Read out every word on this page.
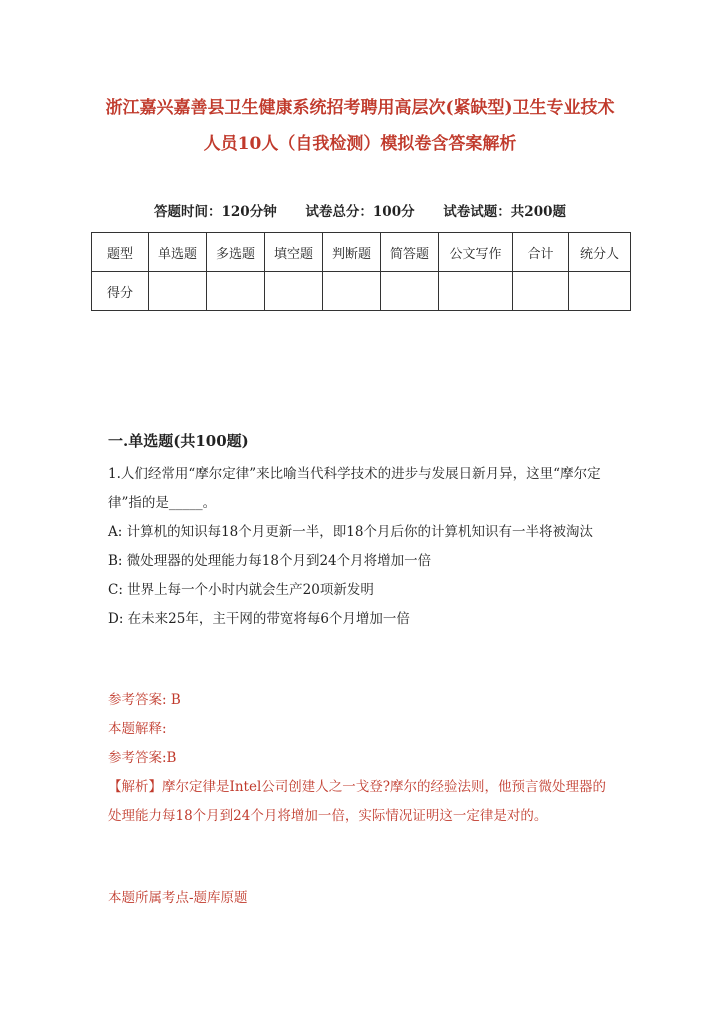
浙江嘉兴嘉善县卫生健康系统招考聘用高层次(紧缺型)卫生专业技术人员10人（自我检测）模拟卷含答案解析
答题时间：120分钟 试卷总分：100分 试卷试题：共200题
题型	单选题	多选题	填空题	判断题	简答题	公文写作	合计	统分人
得分								
一.单选题(共100题)
1.人们经常用“摩尔定律”来比喻当代科学技术的进步与发展日新月异，这里“摩尔定律”指的是_____。
A: 计算机的知识每18个月更新一半，即18个月后你的计算机知识有一半将被淘汰
B: 微处理器的处理能力每18个月到24个月将增加一倍
C: 世界上每一个小时内就会生产20项新发明
D: 在未来25年，主干网的带宽将每6个月增加一倍
参考答案: B
本题解释:
参考答案:B
【解析】摩尔定律是Intel公司创建人之一戈登?摩尔的经验法则，他预言微处理器的处理能力每18个月到24个月将增加一倍，实际情况证明这一定律是对的。
本题所属考点-题库原题
